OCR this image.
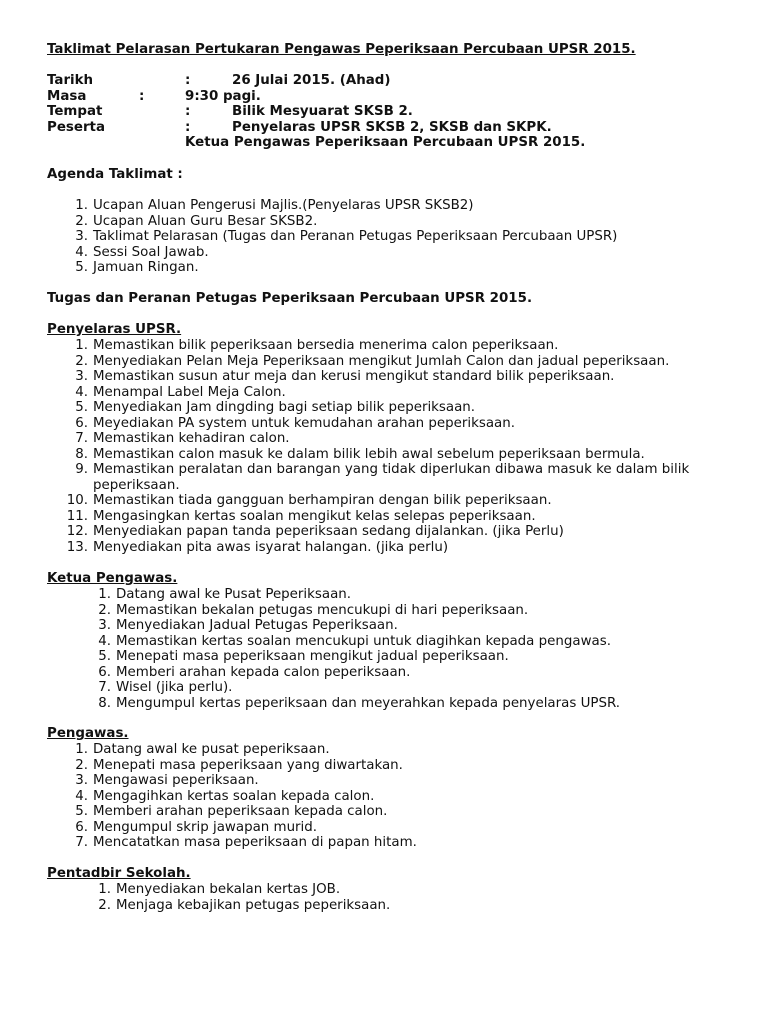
Taklimat Pelarasan Pertukaran Pengawas Peperiksaan Percubaan UPSR 2015.
Tarikh	:	26 Julai 2015. (Ahad)
Masa	:	9:30 pagi.
Tempat	:	Bilik Mesyuarat SKSB 2.
Peserta	:	Penyelaras UPSR SKSB 2, SKSB dan SKPK.
Ketua Pengawas Peperiksaan Percubaan UPSR 2015.
Agenda Taklimat :
1. Ucapan Aluan Pengerusi Majlis.(Penyelaras UPSR SKSB2)
2. Ucapan Aluan Guru Besar SKSB2.
3. Taklimat Pelarasan (Tugas dan Peranan Petugas Peperiksaan Percubaan UPSR)
4. Sessi Soal Jawab.
5. Jamuan Ringan.
Tugas dan Peranan Petugas Peperiksaan Percubaan UPSR 2015.
Penyelaras UPSR.
1. Memastikan bilik peperiksaan bersedia menerima calon peperiksaan.
2. Menyediakan Pelan Meja Peperiksaan mengikut Jumlah Calon dan jadual peperiksaan.
3. Memastikan susun atur meja dan kerusi mengikut standard bilik peperiksaan.
4. Menampal Label Meja Calon.
5. Menyediakan Jam dingding bagi setiap bilik peperiksaan.
6. Meyediakan PA system untuk kemudahan arahan peperiksaan.
7. Memastikan kehadiran calon.
8. Memastikan calon masuk ke dalam bilik lebih awal sebelum peperiksaan bermula.
9. Memastikan peralatan dan barangan yang tidak diperlukan dibawa masuk ke dalam bilik peperiksaan.
10. Memastikan tiada gangguan berhampiran dengan bilik peperiksaan.
11. Mengasingkan kertas soalan mengikut kelas selepas peperiksaan.
12. Menyediakan papan tanda peperiksaan sedang dijalankan. (jika Perlu)
13. Menyediakan pita awas isyarat halangan. (jika perlu)
Ketua Pengawas.
1. Datang awal ke Pusat Peperiksaan.
2. Memastikan bekalan petugas mencukupi di hari peperiksaan.
3. Menyediakan Jadual Petugas Peperiksaan.
4. Memastikan kertas soalan mencukupi untuk diagihkan kepada pengawas.
5. Menepati masa peperiksaan mengikut jadual peperiksaan.
6. Memberi arahan kepada calon peperiksaan.
7. Wisel (jika perlu).
8. Mengumpul kertas peperiksaan dan meyerahkan kepada penyelaras UPSR.
Pengawas.
1. Datang awal ke pusat peperiksaan.
2. Menepati masa peperiksaan yang diwartakan.
3. Mengawasi peperiksaan.
4. Mengagihkan kertas soalan kepada calon.
5. Memberi arahan peperiksaan kepada calon.
6. Mengumpul skrip jawapan murid.
7. Mencatatkan masa peperiksaan di papan hitam.
Pentadbir Sekolah.
1. Menyediakan bekalan kertas JOB.
2. Menjaga kebajikan petugas peperiksaan.
